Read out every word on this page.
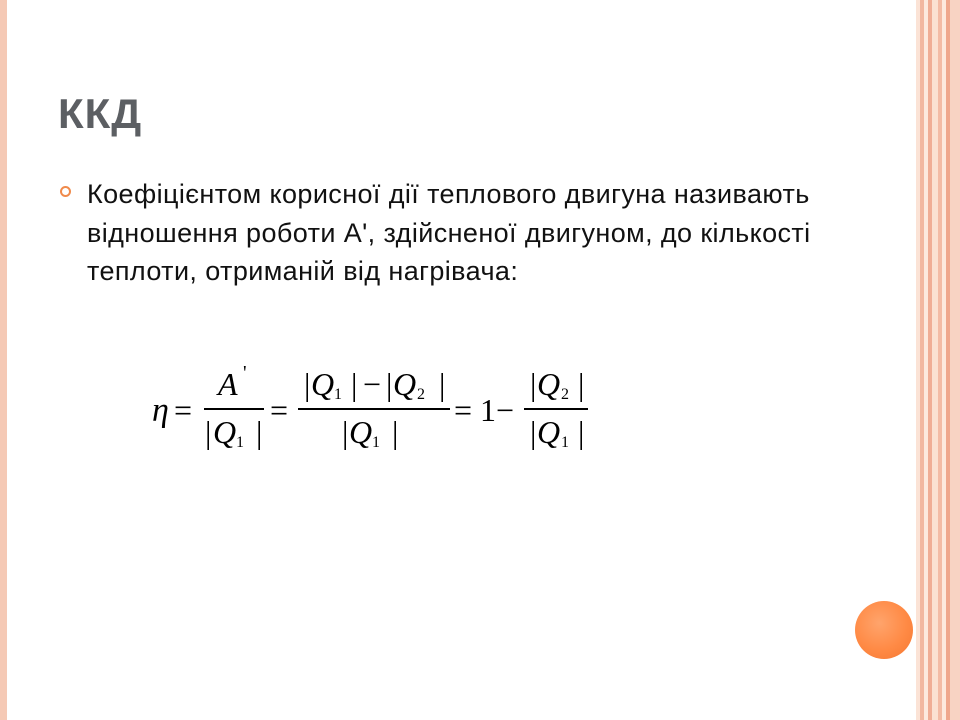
ККД
Коефіцієнтом корисної дії теплового двигуна називають відношення роботи А', здійсненої двигуном, до кількості теплоти, отриманій від нагрівача:
η =
A '
| Q 1 |
=
| Q 1 | − | Q 2 |
| Q 1 |
= 1 −
| Q 2 |
| Q 1 |
